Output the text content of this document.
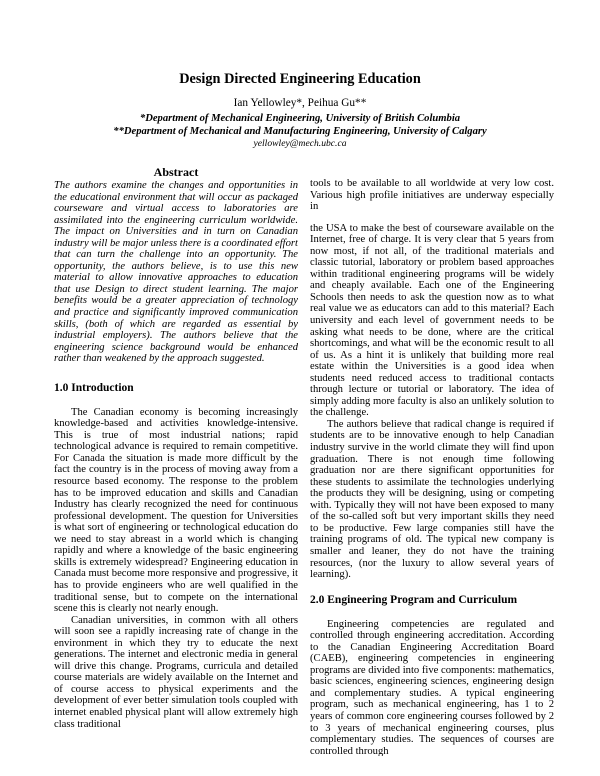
Design Directed Engineering Education
Ian Yellowley*, Peihua Gu**
*Department of Mechanical Engineering, University of British Columbia
**Department of Mechanical and Manufacturing Engineering, University of Calgary
yellowley@mech.ubc.ca
Abstract

The authors examine the changes and opportunities in the educational environment that will occur as packaged courseware and virtual access to laboratories are assimilated into the engineering curriculum worldwide. The impact on Universities and in turn on Canadian industry will be major unless there is a coordinated effort that can turn the challenge into an opportunity. The opportunity, the authors believe, is to use this new material to allow innovative approaches to education that use Design to direct student learning. The major benefits would be a greater appreciation of technology and practice and significantly improved communication skills, (both of which are regarded as essential by industrial employers). The authors believe that the engineering science background would be enhanced rather than weakened by the approach suggested.

1.0 Introduction

The Canadian economy is becoming increasingly knowledge-based and activities knowledge-intensive. This is true of most industrial nations; rapid technological advance is required to remain competitive. For Canada the situation is made more difficult by the fact the country is in the process of moving away from a resource based economy. The response to the problem has to be improved education and skills and Canadian Industry has clearly recognized the need for continuous professional development. The question for Universities is what sort of engineering or technological education do we need to stay abreast in a world which is changing rapidly and where a knowledge of the basic engineering skills is extremely widespread? Engineering education in Canada must become more responsive and progressive, it has to provide engineers who are well qualified in the traditional sense, but to compete on the international scene this is clearly not nearly enough.

Canadian universities, in common with all others will soon see a rapidly increasing rate of change in the environment in which they try to educate the next generations. The internet and electronic media in general will drive this change. Programs, curricula and detailed course materials are widely available on the Internet and of course access to physical experiments and the development of ever better simulation tools coupled with internet enabled physical plant will allow extremely high class traditional

tools to be available to all worldwide at very low cost. Various high profile initiatives are underway especially in

the USA to make the best of courseware available on the Internet, free of charge. It is very clear that 5 years from now most, if not all, of the traditional materials and classic tutorial, laboratory or problem based approaches within traditional engineering programs will be widely and cheaply available. Each one of the Engineering Schools then needs to ask the question now as to what real value we as educators can add to this material? Each university and each level of government needs to be asking what needs to be done, where are the critical shortcomings, and what will be the economic result to all of us. As a hint it is unlikely that building more real estate within the Universities is a good idea when students need reduced access to traditional contacts through lecture or tutorial or laboratory. The idea of simply adding more faculty is also an unlikely solution to the challenge.

The authors believe that radical change is required if students are to be innovative enough to help Canadian industry survive in the world climate they will find upon graduation. There is not enough time following graduation nor are there significant opportunities for these students to assimilate the technologies underlying the products they will be designing, using or competing with. Typically they will not have been exposed to many of the so-called soft but very important skills they need to be productive. Few large companies still have the training programs of old. The typical new company is smaller and leaner, they do not have the training resources, (nor the luxury to allow several years of learning).

2.0 Engineering Program and Curriculum

Engineering competencies are regulated and controlled through engineering accreditation. According to the Canadian Engineering Accreditation Board (CAEB), engineering competencies in engineering programs are divided into five components: mathematics, basic sciences, engineering sciences, engineering design and complementary studies. A typical engineering program, such as mechanical engineering, has 1 to 2 years of common core engineering courses followed by 2 to 3 years of mechanical engineering courses, plus complementary studies. The sequences of courses are controlled through
